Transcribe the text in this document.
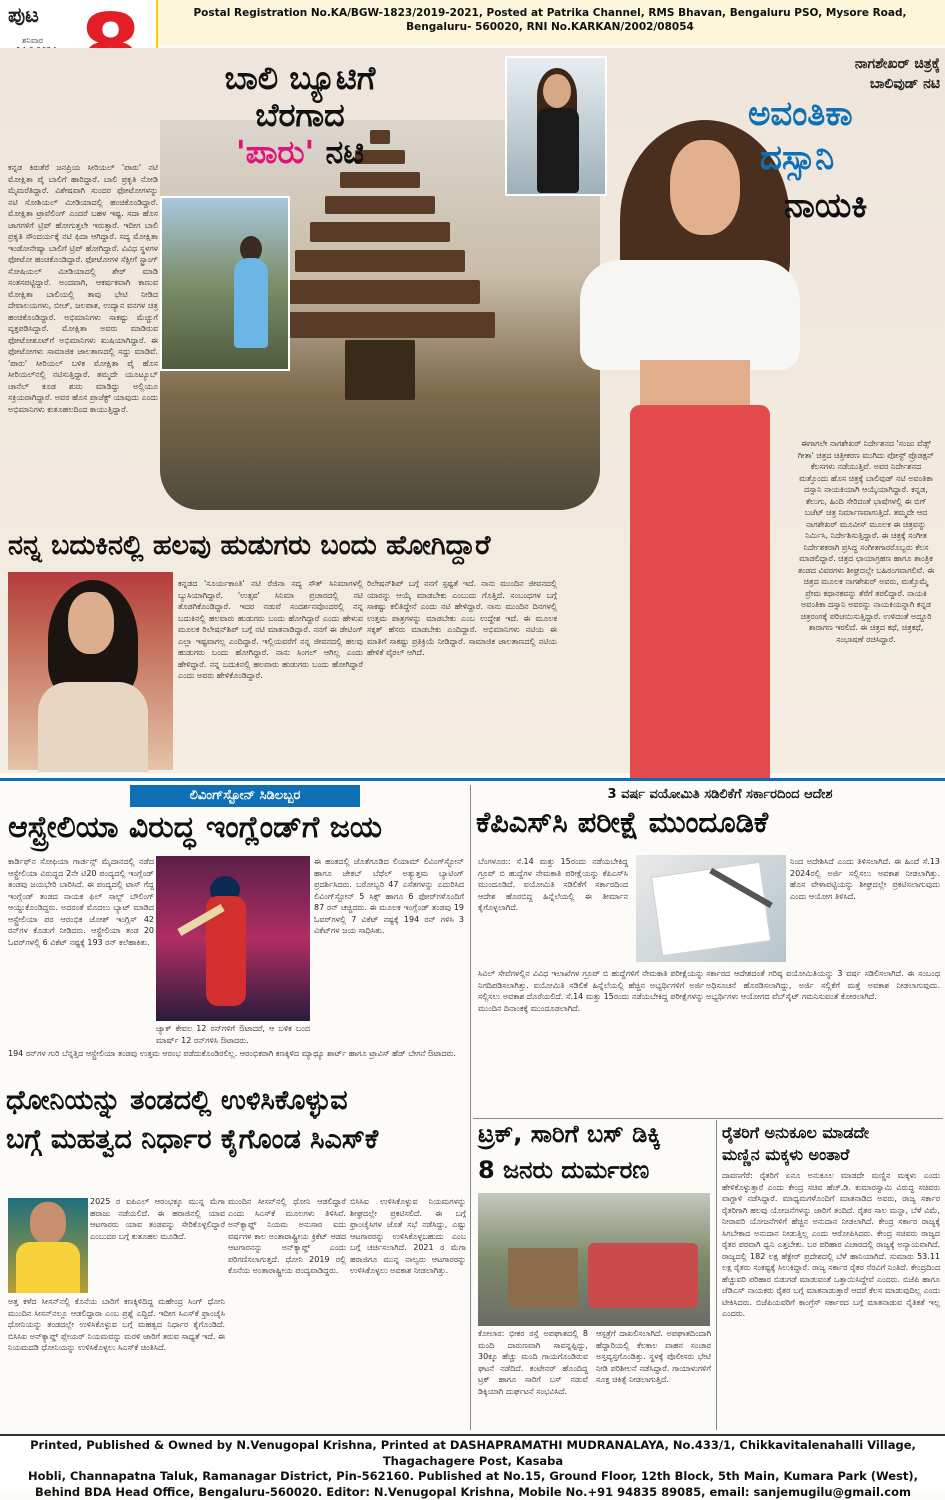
ಪುಟ
ಶನಿವಾರ
Postal Registration No.KA/BGW-1823/2019-2021, Posted at Patrika Channel, RMS Bhavan, Bengaluru PSO, Mysore Road,
Bengaluru- 560020, RNI No.KARKAN/2002/08054
ಬಾಲಿ ಬ್ಯೂಟಿಗೆ
ಬೆರಗಾದ
'ಪಾರು' ನಟಿ
ಕನ್ನಡ ಕಿರುತೆರೆ ಜನಪ್ರಿಯ ಸೀರಿಯಲ್ 'ಪಾರು' ನಟಿ ಮೋಕ್ಷಿತಾ ಪೈ ಬಾಲಿಗೆ ಹಾರಿದ್ದಾರೆ. ಬಾಲಿ ಪ್ರಕೃತಿ ನೋಡಿ ಮೈಮರೆತಿದ್ದಾರೆ. ವಿಶೇಷವಾಗಿ ಸುಂದರ ಫೋಟೋಗಳನ್ನು ನಟಿ ಸೋಶಿಯಲ್ ಮೀಡಿಯಾದಲ್ಲಿ ಹಂಚಿಕೊಂಡಿದ್ದಾರೆ. ಮೋಕ್ಷಿತಾ ಟ್ರಾವೆಲಿಂಗ್ ಎಂದರೆ ಬಹಳ ಇಷ್ಟ. ಸದಾ ಹೊಸ ಜಾಗಗಳಿಗೆ ಟ್ರಿಪ್ ಹೋಗುತ್ತಲೇ ಇರುತ್ತಾರೆ. ಇದೀಗ ಬಾಲಿ ಪ್ರಕೃತಿ ಸೌಂದರ್ಯಕ್ಕೆ ನಟಿ ಫಿದಾ ಆಗಿದ್ದಾರೆ. ಸದ್ಯ ಮೋಕ್ಷಿತಾ ಇಂಡೋನೇಷ್ಯಾ ಬಾಲಿಗೆ ಟ್ರಿಪ್ ಹೋಗಿದ್ದಾರೆ. ವಿವಿಧ ಸ್ಥಳಗಳ ಫೋಟೋ ಹಂಚಿಕೊಂಡಿದ್ದಾರೆ. ಫೋಟೋಗಳ ಸೆಕ್ಸೀಗೆ ಸ್ಟ್ರಾಂಗ್ ಸೋಷಿಯಲ್ ಮೀಡಿಯಾದಲ್ಲಿ ಶೇರ್ ಮಾಡಿ ಸಂತಸಪಟ್ಟಿದ್ದಾರೆ. ಅಂದವಾಗಿ, ಆಕರ್ಷಕವಾಗಿ ಕಾಣುವ ಮೋಕ್ಷಿತಾ ಬಾಲಿಯಲ್ಲಿ ತಾವು ಭೇಟಿ ನೀಡಿದ ದೇವಾಲಯಗಳು, ಬೀಚ್, ಜಲಪಾತ, ಉದ್ಯಾನ ವನಗಳ ಚಿತ್ರ ಹಂಚಿಕೊಂಡಿದ್ದಾರೆ. ಅಭಿಮಾನಿಗಳು ಸಾಕಷ್ಟು ಮೆಚ್ಚುಗೆ ವ್ಯಕ್ತಪಡಿಸಿದ್ದಾರೆ. ಮೋಕ್ಷಿತಾ ಅವರು ಮಾಡಿರುವ ಫೋಟೋಶೂಟ್‌ಗೆ ಅಭಿಮಾನಿಗಳು ಖುಷಿಯಾಗಿದ್ದಾರೆ. ಈ ಫೋಟೋಗಳು ಸಾಮಾಜಿಕ ಜಾಲತಾಣದಲ್ಲಿ ಸದ್ದು ಮಾಡಿವೆ. 'ಪಾರು' ಸೀರಿಯಲ್ ಬಳಿಕ ಮೋಕ್ಷಿತಾ ಪೈ ಹೊಸ ಸೀರಿಯಲ್‌ನಲ್ಲಿ ನಟಿಸುತ್ತಿದ್ದಾರೆ. ತಮ್ಮದೇ ಯೂಟ್ಯೂಬ್ ಚಾನೆಲ್ ಕೂಡ ಶುರು ಮಾಡಿದ್ದು ಅಲ್ಲಿಯೂ ಸಕ್ರಿಯರಾಗಿದ್ದಾರೆ. ಅವರ ಹೊಸ ಪ್ರಾಜೆಕ್ಟ್ ಯಾವುದು ಎಂದು ಅಭಿಮಾನಿಗಳು ಕುತೂಹಲದಿಂದ ಕಾಯುತ್ತಿದ್ದಾರೆ.
ನಾಗಶೇಖರ್ ಚಿತ್ರಕ್ಕೆ
ಬಾಲಿವುಡ್ ನಟಿ
ಅವಂತಿಕಾ
ದಸ್ಸಾನಿ
ನಾಯಕಿ
ಈಗಾಗಲೇ ನಾಗಶೇಖರ್ ನಿರ್ದೇಶನದ 'ಸಂಜು ವೆಡ್ಸ್ ಗೀತಾ' ಚಿತ್ರದ ಚಿತ್ರೀಕರಣ ಮುಗಿದು ಪೋಸ್ಟ್ ಪ್ರೊಡಕ್ಷನ್ ಕೆಲಸಗಳು ನಡೆಯುತ್ತಿವೆ. ಅವರ ನಿರ್ದೇಶನದ ಮತ್ತೊಂದು ಹೊಸ ಚಿತ್ರಕ್ಕೆ ಬಾಲಿವುಡ್ ನಟಿ ಅವಂತಿಕಾ ದಸ್ಸಾನಿ ನಾಯಕಿಯಾಗಿ ಆಯ್ಕೆಯಾಗಿದ್ದಾರೆ. ಕನ್ನಡ, ತೆಲುಗು, ಹಿಂದಿ ಸೇರಿದಂತೆ ಭಾಷೆಗಳಲ್ಲಿ ಈ ಬಿಗ್ ಬಜೆಟ್ ಚಿತ್ರ ನಿರ್ಮಾಣವಾಗುತ್ತಿದೆ. ತಮ್ಮದೇ ಆದ ನಾಗಶೇಖರ್ ಮೂವೀಸ್ ಮೂಲಕ ಈ ಚಿತ್ರವನ್ನು ನಿರ್ಮಿಸಿ, ನಿರ್ದೇಶಿಸುತ್ತಿದ್ದಾರೆ. ಈ ಚಿತ್ರಕ್ಕೆ ಸಂಗೀತ ನಿರ್ದೇಶಕರಾಗಿ ಪ್ರಸಿದ್ಧ ಸಂಗೀತಗಾರರೊಬ್ಬರು ಕೆಲಸ ಮಾಡಲಿದ್ದಾರೆ. ಚಿತ್ರದ ಛಾಯಾಗ್ರಹಣ ಹಾಗೂ ತಾಂತ್ರಿಕ ತಂಡದ ವಿವರಗಳು ಶೀಘ್ರದಲ್ಲೇ ಬಹಿರಂಗವಾಗಲಿವೆ. ಈ ಚಿತ್ರದ ಮೂಲಕ ನಾಗಶೇಖರ್ ಅವರು, ಮತ್ತೊಮ್ಮೆ ಪ್ರೇಮ ಕಥಾನಕವನ್ನು ತೆರೆಗೆ ತರಲಿದ್ದಾರೆ. ನಾಯಕಿ ಅವಂತಿಕಾ ದಸ್ಸಾನಿ ಅವರನ್ನು ನಾಯಕಿಯನ್ನಾಗಿ ಕನ್ನಡ ಚಿತ್ರರಂಗಕ್ಕೆ ಪರಿಚಯಿಸುತ್ತಿದ್ದಾರೆ. ಉಳಿದಂತೆ ಅದ್ದೂರಿ ತಾರಾಗಣ ಇರಲಿದೆ. ಈ ಚಿತ್ರದ ಕಥೆ, ಚಿತ್ರಕಥೆ, ಸಂಭಾಷಣೆ ರಚಿಸಿದ್ದಾರೆ.
ನನ್ನ ಬದುಕಿನಲ್ಲಿ ಹಲವು ಹುಡುಗರು ಬಂದು ಹೋಗಿದ್ದಾರೆ
ಕನ್ನಡದ 'ಸೂರ್ಯಕಾಂತಿ' ನಟಿ ರೆಜಿನಾ ಸದ್ಯ ಸೌತ್ ಸಿನಿಮಾಗಳಲ್ಲಿ ಬ್ಯುಸಿಯಾಗಿದ್ದಾರೆ. 'ಉತ್ಸವ' ಸಿನಿಮಾ ಪ್ರಚಾರದಲ್ಲಿ ನಟಿ ತೊಡಗಿಕೊಂಡಿದ್ದಾರೆ. ಇದರ ನಡುವೆ ಸಂದರ್ಶನವೊಂದರಲ್ಲಿ ನನ್ನ ಬದುಕಿನಲ್ಲಿ ಹಲವಾರು ಹುಡುಗರು ಬಂದು ಹೋಗಿದ್ದಾರೆ ಎಂದು ಹೇಳುವ ಮೂಲಕ ರಿಲೇಷನ್‌ಶಿಪ್ ಬಗ್ಗೆ ನಟಿ ಮಾತನಾಡಿದ್ದಾರೆ. ನನಗೆ ಈ ಡೇಟಿಂಗ್ ಎಲ್ಲಾ ಇಷ್ಟವಾಗಲ್ಲ ಎಂದಿದ್ದಾರೆ. ಇಲ್ಲಿಯವರೆಗೆ ನನ್ನ ಜೀವನದಲ್ಲಿ ಹಲವು ಹುಡುಗರು ಬಂದು ಹೋಗಿದ್ದಾರೆ. ನಾನು ಸಿಂಗಲ್ ಆಗಿಲ್ಲ ಎಂದು ಹೇಳಿದ್ದಾರೆ. ನನ್ನ ಬದುಕಿನಲ್ಲಿ ಹಲವಾರು ಹುಡುಗರು ಬಂದು ಹೋಗಿದ್ದಾರೆ ಎಂದು ಅವರು ಹೇಳಿಕೊಂಡಿದ್ದಾರೆ.
ರಿಲೇಷನ್‌ಶಿಪ್ ಬಗ್ಗೆ ನನಗೆ ಸ್ಪಷ್ಟತೆ ಇದೆ. ನಾನು ಮುಂದಿನ ಜೀವನದಲ್ಲಿ ಯಾರನ್ನು ಆಯ್ಕೆ ಮಾಡಬೇಕು ಎಂಬುದು ಗೊತ್ತಿದೆ. ಸಂಬಂಧಗಳ ಬಗ್ಗೆ ಸಾಕಷ್ಟು ಕಲಿತಿದ್ದೇನೆ ಎಂದು ನಟಿ ಹೇಳಿದ್ದಾರೆ. ನಾನು ಮುಂದಿನ ದಿನಗಳಲ್ಲಿ ಉತ್ತಮ ಪಾತ್ರಗಳನ್ನು ಮಾಡಬೇಕು ಎಂಬ ಉದ್ದೇಶ ಇದೆ. ಈ ಮೂಲಕ ಸಕ್ಕತ್ ಹೆಸರು ಮಾಡಬೇಕು ಎಂದಿದ್ದಾರೆ. ಅಭಿಮಾನಿಗಳು ನಟಿಯ ಈ ಮಾತಿಗೆ ಸಾಕಷ್ಟು ಪ್ರತಿಕ್ರಿಯೆ ನೀಡಿದ್ದಾರೆ. ಸಾಮಾಜಿಕ ಜಾಲತಾಣದಲ್ಲಿ ನಟಿಯ ಹೇಳಿಕೆ ವೈರಲ್ ಆಗಿದೆ.
ಲಿವಿಂಗ್‌ಸ್ಟೋನ್ ಸಿಡಿಲಬ್ಬರ
ಆಸ್ಟ್ರೇಲಿಯಾ ವಿರುದ್ಧ ಇಂಗ್ಲೆಂಡ್‌ಗೆ ಜಯ
ಕಾರ್ಡಿಫ್‌ನ ಸೋಫಿಯಾ ಗಾರ್ಡನ್ಸ್ ಮೈದಾನದಲ್ಲಿ ನಡೆದ ಆಸ್ಟ್ರೇಲಿಯಾ ವಿರುದ್ಧದ 2ನೇ ಟಿ20 ಪಂದ್ಯದಲ್ಲಿ ಇಂಗ್ಲೆಂಡ್ ತಂಡವು ಜಯಭೇರಿ ಬಾರಿಸಿದೆ. ಈ ಪಂದ್ಯದಲ್ಲಿ ಟಾಸ್ ಗೆದ್ದ ಇಂಗ್ಲೆಂಡ್ ತಂಡದ ನಾಯಕ ಫಿಲ್ ಸಾಲ್ಟ್ ಬೌಲಿಂಗ್ ಆಯ್ದುಕೊಂಡಿದ್ದರು. ಅದರಂತೆ ಮೊದಲು ಬ್ಯಾಟ್ ಮಾಡಿದ ಆಸ್ಟ್ರೇಲಿಯಾ ಪರ ಆರಂಭಿಕ ಜೋಶ್ ಇಂಗ್ಲಿಸ್ 42 ರನ್‌ಗಳ ಕೊಡುಗೆ ನೀಡಿದರು. ಆಸ್ಟ್ರೇಲಿಯಾ ತಂಡ 20 ಓವರ್‌ಗಳಲ್ಲಿ 6 ವಿಕೆಟ್ ನಷ್ಟಕ್ಕೆ 193 ರನ್ ಕಲೆಹಾಕಿತು.
ಜ್ಯಾಕ್ ಕೇವಲ 12 ರನ್‌ಗಳಿಗೆ ಔಟಾದರೆ, ಆ ಬಳಿಕ ಬಂದ ಮಾರ್ಷ್ 12 ರನ್‌ಗಳಿಸಿ ಔಟಾದರು.
ಈ ಹಂತದಲ್ಲಿ ಜೊತೆಗೂಡಿದ ಲಿಯಾಮ್ ಲಿವಿಂಗ್‌ಸ್ಟೋನ್ ಹಾಗೂ ಜೇಕಬ್ ಬೆಥೆಲ್ ಅತ್ಯುತ್ತಮ ಬ್ಯಾಟಿಂಗ್ ಪ್ರದರ್ಶಿಸಿದರು. ಬರೋಬ್ಬರಿ 47 ಎಸೆತಗಳನ್ನು ಎದುರಿಸಿದ ಲಿವಿಂಗ್‌ಸ್ಟೋನ್ 5 ಸಿಕ್ಸ್ ಹಾಗೂ 6 ಫೋರ್‌ಗಳೊಂದಿಗೆ 87 ರನ್ ಚಚ್ಚಿದರು. ಈ ಮೂಲಕ ಇಂಗ್ಲೆಂಡ್ ತಂಡವು 19 ಓವರ್‌ಗಳಲ್ಲಿ 7 ವಿಕೆಟ್ ನಷ್ಟಕ್ಕೆ 194 ರನ್ ಗಳಿಸಿ 3 ವಿಕೆಟ್‌ಗಳ ಜಯ ಸಾಧಿಸಿತು.
194 ರನ್‌ಗಳ ಗುರಿ ಬೆನ್ನತ್ತಿದ ಆಸ್ಟ್ರೇಲಿಯಾ ತಂಡವು ಉತ್ತಮ ಆರಂಭ ಪಡೆದುಕೊಂಡಿರಲಿಲ್ಲ. ಆರಂಭಿಕರಾಗಿ ಕಣಕ್ಕಿಳಿದ ಮ್ಯಾಥ್ಯೂ ಶಾರ್ಟ್ ಹಾಗೂ ಟ್ರಾವಿಸ್ ಹೆಡ್ ಬೇಗನೆ ಔಟಾದರು.
ಧೋನಿಯನ್ನು ತಂಡದಲ್ಲಿ ಉಳಿಸಿಕೊಳ್ಳುವ
ಬಗ್ಗೆ ಮಹತ್ವದ ನಿರ್ಧಾರ ಕೈಗೊಂಡ ಸಿಎಸ್‌ಕೆ
2025 ರ ಐಪಿಎಲ್ ಆರಂಭಕ್ಕೂ ಮುನ್ನ ಮೆಗಾ ಹರಾಜು ನಡೆಯಲಿದೆ. ಈ ಹರಾಜಿನಲ್ಲಿ ಯಾವ ಆಟಗಾರರು ಯಾವ ತಂಡವನ್ನು ಸೇರಿಕೊಳ್ಳಲಿದ್ದಾರೆ ಎಂಬುದರ ಬಗ್ಗೆ ಕುತೂಹಲ ಮೂಡಿದೆ.
ಅತ್ತ ಕಳೆದ ಸೀಸನ್‌ನಲ್ಲಿ ಕೊನೆಯ ಬಾರಿಗೆ ಕಣಕ್ಕಿಳಿದಿದ್ದ ಮಹೇಂದ್ರ ಸಿಂಗ್ ಧೋನಿ ಮುಂದಿನ ಸೀಸನ್‌ನಲ್ಲೂ ಆಡಲಿದ್ದಾರಾ ಎಂಬ ಪ್ರಶ್ನೆ ಎದ್ದಿದೆ. ಇದೀಗ ಸಿಎಸ್‌ಕೆ ಫ್ರಾಂಚೈಸಿ ಧೋನಿಯನ್ನು ತಂಡದಲ್ಲೇ ಉಳಿಸಿಕೊಳ್ಳುವ ಬಗ್ಗೆ ಮಹತ್ವದ ನಿರ್ಧಾರ ಕೈಗೊಂಡಿದೆ. ಬಿಸಿಸಿಐ ಅನ್‌ಕ್ಯಾಪ್ಡ್ ಪ್ಲೇಯರ್ ನಿಯಮವನ್ನು ಮರಳಿ ಜಾರಿಗೆ ತರುವ ಸಾಧ್ಯತೆ ಇದೆ. ಈ ನಿಯಮದಡಿ ಧೋನಿಯನ್ನು ಉಳಿಸಿಕೊಳ್ಳಲು ಸಿಎಸ್‌ಕೆ ಚಿಂತಿಸಿದೆ.
ಮುಂದಿನ ಸೀಸನ್‌ನಲ್ಲಿ ಧೋನಿ ಆಡಲಿದ್ದಾರೆ ಎಂದು ಸಿಎಸ್‌ಕೆ ಮೂಲಗಳು ತಿಳಿಸಿವೆ. ಅನ್‌ಕ್ಯಾಪ್ಡ್ ನಿಯಮ ಅನುಸಾರ ಐದು ವರ್ಷಗಳ ಕಾಲ ಅಂತಾರಾಷ್ಟ್ರೀಯ ಕ್ರಿಕೆಟ್ ಆಡದ ಆಟಗಾರನನ್ನು ಅನ್‌ಕ್ಯಾಪ್ಡ್ ಎಂದು ಪರಿಗಣಿಸಲಾಗುತ್ತದೆ. ಧೋನಿ 2019 ರಲ್ಲಿ ಕೊನೆಯ ಅಂತಾರಾಷ್ಟ್ರೀಯ ಪಂದ್ಯವಾಡಿದ್ದರು.
ಬಿಸಿಸಿಐ ಉಳಿಸಿಕೊಳ್ಳುವ ನಿಯಮಗಳನ್ನು ಶೀಘ್ರದಲ್ಲೇ ಪ್ರಕಟಿಸಲಿದೆ. ಈ ಬಗ್ಗೆ ಫ್ರಾಂಚೈಸಿಗಳ ಜೊತೆ ಸಭೆ ನಡೆಸಿದ್ದು, ಎಷ್ಟು ಆಟಗಾರರನ್ನು ಉಳಿಸಿಕೊಳ್ಳಬಹುದು ಎಂಬ ಬಗ್ಗೆ ಚರ್ಚಿಸಲಾಗಿದೆ. 2021 ರ ಮೆಗಾ ಹರಾಜಿಗೂ ಮುನ್ನ ನಾಲ್ವರು ಆಟಗಾರರನ್ನು ಉಳಿಸಿಕೊಳ್ಳಲು ಅವಕಾಶ ನೀಡಲಾಗಿತ್ತು.
3 ವರ್ಷ ವಯೋಮಿತಿ ಸಡಿಲಿಕೆಗೆ ಸರ್ಕಾರದಿಂದ ಆದೇಶ
ಕೆಪಿಎಸ್‌ಸಿ ಪರೀಕ್ಷೆ ಮುಂದೂಡಿಕೆ
ಬೆಂಗಳೂರು: ಸೆ.14 ಮತ್ತು 15ರಂದು ನಡೆಯಬೇಕಿದ್ದ ಗ್ರೂಪ್ ಬಿ ಹುದ್ದೆಗಳ ನೇಮಕಾತಿ ಪರೀಕ್ಷೆಯನ್ನು ಕೆಪಿಎಸ್‌ಸಿ ಮುಂದೂಡಿದೆ. ವಯೋಮಿತಿ ಸಡಿಲಿಕೆಗೆ ಸರ್ಕಾರದಿಂದ ಆದೇಶ ಹೊರಬಿದ್ದ ಹಿನ್ನೆಲೆಯಲ್ಲಿ ಈ ತೀರ್ಮಾನ ಕೈಗೊಳ್ಳಲಾಗಿದೆ.
ನಿಂದ ಅದೇಶಿಸಿದೆ ಎಂದು ತಿಳಿಸಲಾಗಿದೆ. ಈ ಹಿಂದೆ ಸೆ.13 2024ರಲ್ಲಿ ಅರ್ಜಿ ಸಲ್ಲಿಸಲು ಅವಕಾಶ ನೀಡಲಾಗಿತ್ತು. ಹೊಸ ವೇಳಾಪಟ್ಟಿಯನ್ನು ಶೀಘ್ರದಲ್ಲೇ ಪ್ರಕಟಿಸಲಾಗುವುದು ಎಂದು ಆಯೋಗ ತಿಳಿಸಿದೆ.
ಸಿವಿಲ್ ಸೇವೆಗಳಲ್ಲಿನ ವಿವಿಧ ಇಲಾಖೆಗಳ ಗ್ರೂಪ್ ಬಿ ಹುದ್ದೆಗಳಿಗೆ ನೇಮಕಾತಿ ಪರೀಕ್ಷೆಯನ್ನು ನಿಗದಿಪಡಿಸಲಾಗಿತ್ತು. ವಯೋಮಿತಿ ಸಡಿಲಿಕೆ ಹಿನ್ನೆಲೆಯಲ್ಲಿ ಹೆಚ್ಚಿನ ಅಭ್ಯರ್ಥಿಗಳಿಗೆ ಅರ್ಜಿ ಸಲ್ಲಿಸಲು ಅವಕಾಶ ದೊರೆಯಲಿದೆ. ಸೆ.14 ಮತ್ತು 15ರಂದು ನಡೆಯಬೇಕಿದ್ದ ಪರೀಕ್ಷೆಗಳನ್ನು ಮುಂದಿನ ದಿನಾಂಕಕ್ಕೆ ಮುಂದೂಡಲಾಗಿದೆ.
ಸರ್ಕಾರದ ಆದೇಶದಂತೆ ಗರಿಷ್ಠ ವಯೋಮಿತಿಯನ್ನು 3 ವರ್ಷ ಸಡಿಲಿಸಲಾಗಿದೆ. ಈ ಸಂಬಂಧ ಅಧಿಸೂಚನೆ ಹೊರಡಿಸಲಾಗಿದ್ದು, ಅರ್ಜಿ ಸಲ್ಲಿಕೆಗೆ ಮತ್ತೆ ಅವಕಾಶ ನೀಡಲಾಗುವುದು. ಅಭ್ಯರ್ಥಿಗಳು ಆಯೋಗದ ವೆಬ್‌ಸೈಟ್ ಗಮನಿಸುವಂತೆ ಕೋರಲಾಗಿದೆ.
ಟ್ರಕ್, ಸಾರಿಗೆ ಬಸ್ ಡಿಕ್ಕಿ
8 ಜನರು ದುರ್ಮರಣ
ಕೋಲಾರ: ಭೀಕರ ರಸ್ತೆ ಅಪಘಾತದಲ್ಲಿ 8 ಮಂದಿ ದಾರುಣವಾಗಿ ಸಾವನ್ನಪ್ಪಿದ್ದು, 30ಕ್ಕೂ ಹೆಚ್ಚು ಮಂದಿ ಗಾಯಗೊಂಡಿರುವ ಘಟನೆ ನಡೆದಿದೆ. ಕಂಟೇನರ್ ಹೊಂದಿದ್ದ ಟ್ರಕ್ ಹಾಗೂ ಸಾರಿಗೆ ಬಸ್ ನಡುವೆ ಡಿಕ್ಕಿಯಾಗಿ ದುರ್ಘಟನೆ ಸಂಭವಿಸಿದೆ.
ಆಸ್ಪತ್ರೆಗೆ ದಾಖಲಿಸಲಾಗಿದೆ. ಅಪಘಾತದಿಂದಾಗಿ ಹೆದ್ದಾರಿಯಲ್ಲಿ ಕೆಲಕಾಲ ವಾಹನ ಸಂಚಾರ ಅಸ್ತವ್ಯಸ್ತಗೊಂಡಿತ್ತು. ಸ್ಥಳಕ್ಕೆ ಪೊಲೀಸರು ಭೇಟಿ ನೀಡಿ ಪರಿಶೀಲನೆ ನಡೆಸಿದ್ದಾರೆ. ಗಾಯಾಳುಗಳಿಗೆ ಸೂಕ್ತ ಚಿಕಿತ್ಸೆ ನೀಡಲಾಗುತ್ತಿದೆ.
ರೈತರಿಗೆ ಅನುಕೂಲ ಮಾಡದೇ
ಮಣ್ಣಿನ ಮಕ್ಕಳು ಅಂತಾರೆ
ದಾವಣಗೆರೆ: ರೈತರಿಗೆ ಏನೂ ಅನುಕೂಲ ಮಾಡದೇ ಮಣ್ಣಿನ ಮಕ್ಕಳು ಎಂದು ಹೇಳಿಕೊಳ್ಳುತ್ತಾರೆ ಎಂದು ಕೇಂದ್ರ ಸಚಿವ ಹೆಚ್.ಡಿ. ಕುಮಾರಸ್ವಾಮಿ ವಿರುದ್ಧ ಸಚಿವರು ವಾಗ್ದಾಳಿ ನಡೆಸಿದ್ದಾರೆ. ಮಾಧ್ಯಮಗಳೊಂದಿಗೆ ಮಾತನಾಡಿದ ಅವರು, ರಾಜ್ಯ ಸರ್ಕಾರ ರೈತರಿಗಾಗಿ ಹಲವು ಯೋಜನೆಗಳನ್ನು ಜಾರಿಗೆ ತಂದಿದೆ. ರೈತರ ಸಾಲ ಮನ್ನಾ, ಬೆಳೆ ವಿಮೆ, ನೀರಾವರಿ ಯೋಜನೆಗಳಿಗೆ ಹೆಚ್ಚಿನ ಅನುದಾನ ನೀಡಲಾಗಿದೆ. ಕೇಂದ್ರ ಸರ್ಕಾರ ರಾಜ್ಯಕ್ಕೆ ಸಿಗಬೇಕಾದ ಅನುದಾನ ನೀಡುತ್ತಿಲ್ಲ ಎಂದು ಆರೋಪಿಸಿದರು. ಕೇಂದ್ರ ಸಚಿವರು ರಾಜ್ಯದ ರೈತರ ಪರವಾಗಿ ಧ್ವನಿ ಎತ್ತಬೇಕು. ಬರ ಪರಿಹಾರ ವಿಚಾರದಲ್ಲಿ ರಾಜ್ಯಕ್ಕೆ ಅನ್ಯಾಯವಾಗಿದೆ. ರಾಜ್ಯದಲ್ಲಿ 182 ಲಕ್ಷ ಹೆಕ್ಟೇರ್ ಪ್ರದೇಶದಲ್ಲಿ ಬೆಳೆ ಹಾನಿಯಾಗಿದೆ. ಸುಮಾರು 53.11 ಲಕ್ಷ ರೈತರು ಸಂಕಷ್ಟಕ್ಕೆ ಸಿಲುಕಿದ್ದಾರೆ. ರಾಜ್ಯ ಸರ್ಕಾರ ರೈತರ ನೆರವಿಗೆ ನಿಂತಿದೆ. ಕೇಂದ್ರದಿಂದ ಹೆಚ್ಚುವರಿ ಪರಿಹಾರ ಬಿಡುಗಡೆ ಮಾಡುವಂತೆ ಒತ್ತಾಯಿಸಿದ್ದೇವೆ ಎಂದರು. ಬಿಜೆಪಿ ಹಾಗೂ ಜೆಡಿಎಸ್ ನಾಯಕರು ರೈತರ ಬಗ್ಗೆ ಮಾತನಾಡುತ್ತಾರೆ ಆದರೆ ಕೆಲಸ ಮಾಡುವುದಿಲ್ಲ ಎಂದು ಟೀಕಿಸಿದರು. ಬಿಜೆಪಿಯವರಿಗೆ ಕಾಂಗ್ರೆಸ್ ಸರ್ಕಾರದ ಬಗ್ಗೆ ಮಾತನಾಡುವ ನೈತಿಕತೆ ಇಲ್ಲ ಎಂದರು.
Printed, Published & Owned by N.Venugopal Krishna, Printed at DASHAPRAMATHI MUDRANALAYA, No.433/1, Chikkavitalenahalli Village, Thagachagere Post, Kasaba
Hobli, Channapatna Taluk, Ramanagar District, Pin-562160. Published at No.15, Ground Floor, 12th Block, 5th Main, Kumara Park (West),
Behind BDA Head Office, Bengaluru-560020. Editor: N.Venugopal Krishna, Mobile No.+91 94835 89085, email: sanjemugilu@gmail.com
